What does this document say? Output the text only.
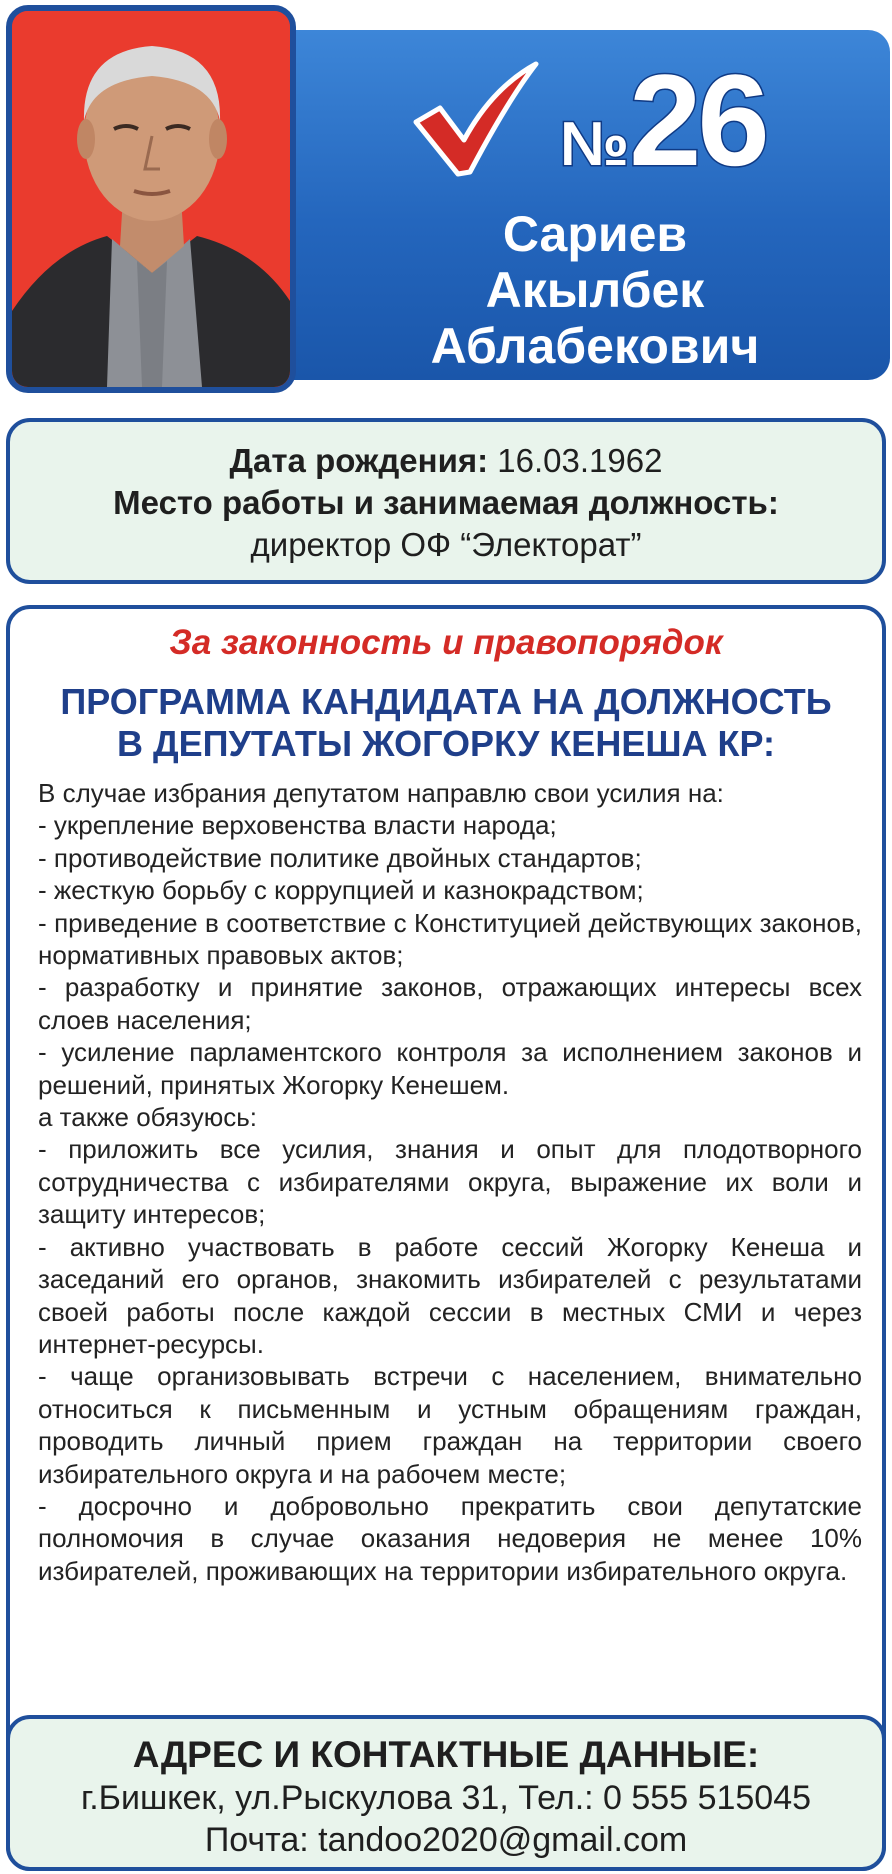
№26
Сариев
Акылбек
Аблабекович
Дата рождения: 16.03.1962
Место работы и занимаемая должность:
директор ОФ “Электорат”
За законность и правопорядок
ПРОГРАММА КАНДИДАТА НА ДОЛЖНОСТЬ
В ДЕПУТАТЫ ЖОГОРКУ КЕНЕША КР:
В случае избрания депутатом направлю свои усилия на:
- укрепление верховенства власти народа;
- противодействие политике двойных стандартов;
- жесткую борьбу с коррупцией и казнокрадством;
- приведение в соответствие с Конституцией действующих законов, нормативных правовых актов;
- разработку и принятие законов, отражающих интересы всех слоев населения;
- усиление парламентского контроля за исполнением законов и решений, принятых Жогорку Кенешем.
а также обязуюсь:
- приложить все усилия, знания и опыт для плодотворного сотрудничества с избирателями округа, выражение их воли и защиту интересов;
- активно участвовать в работе сессий Жогорку Кенеша и заседаний его органов, знакомить избирателей с результатами своей работы после каждой сессии в местных СМИ и через интернет-ресурсы.
- чаще организовывать встречи с населением, внимательно относиться к письменным и устным обращениям граждан, проводить личный прием граждан на территории своего избирательного округа и на рабочем месте;
- досрочно и добровольно прекратить свои депутатские полномочия в случае оказания недоверия не менее 10% избирателей, проживающих на территории избирательного округа.
АДРЕС И КОНТАКТНЫЕ ДАННЫЕ:
г.Бишкек, ул.Рыскулова 31, Тел.: 0 555 515045
Почта: tandoo2020@gmail.com
